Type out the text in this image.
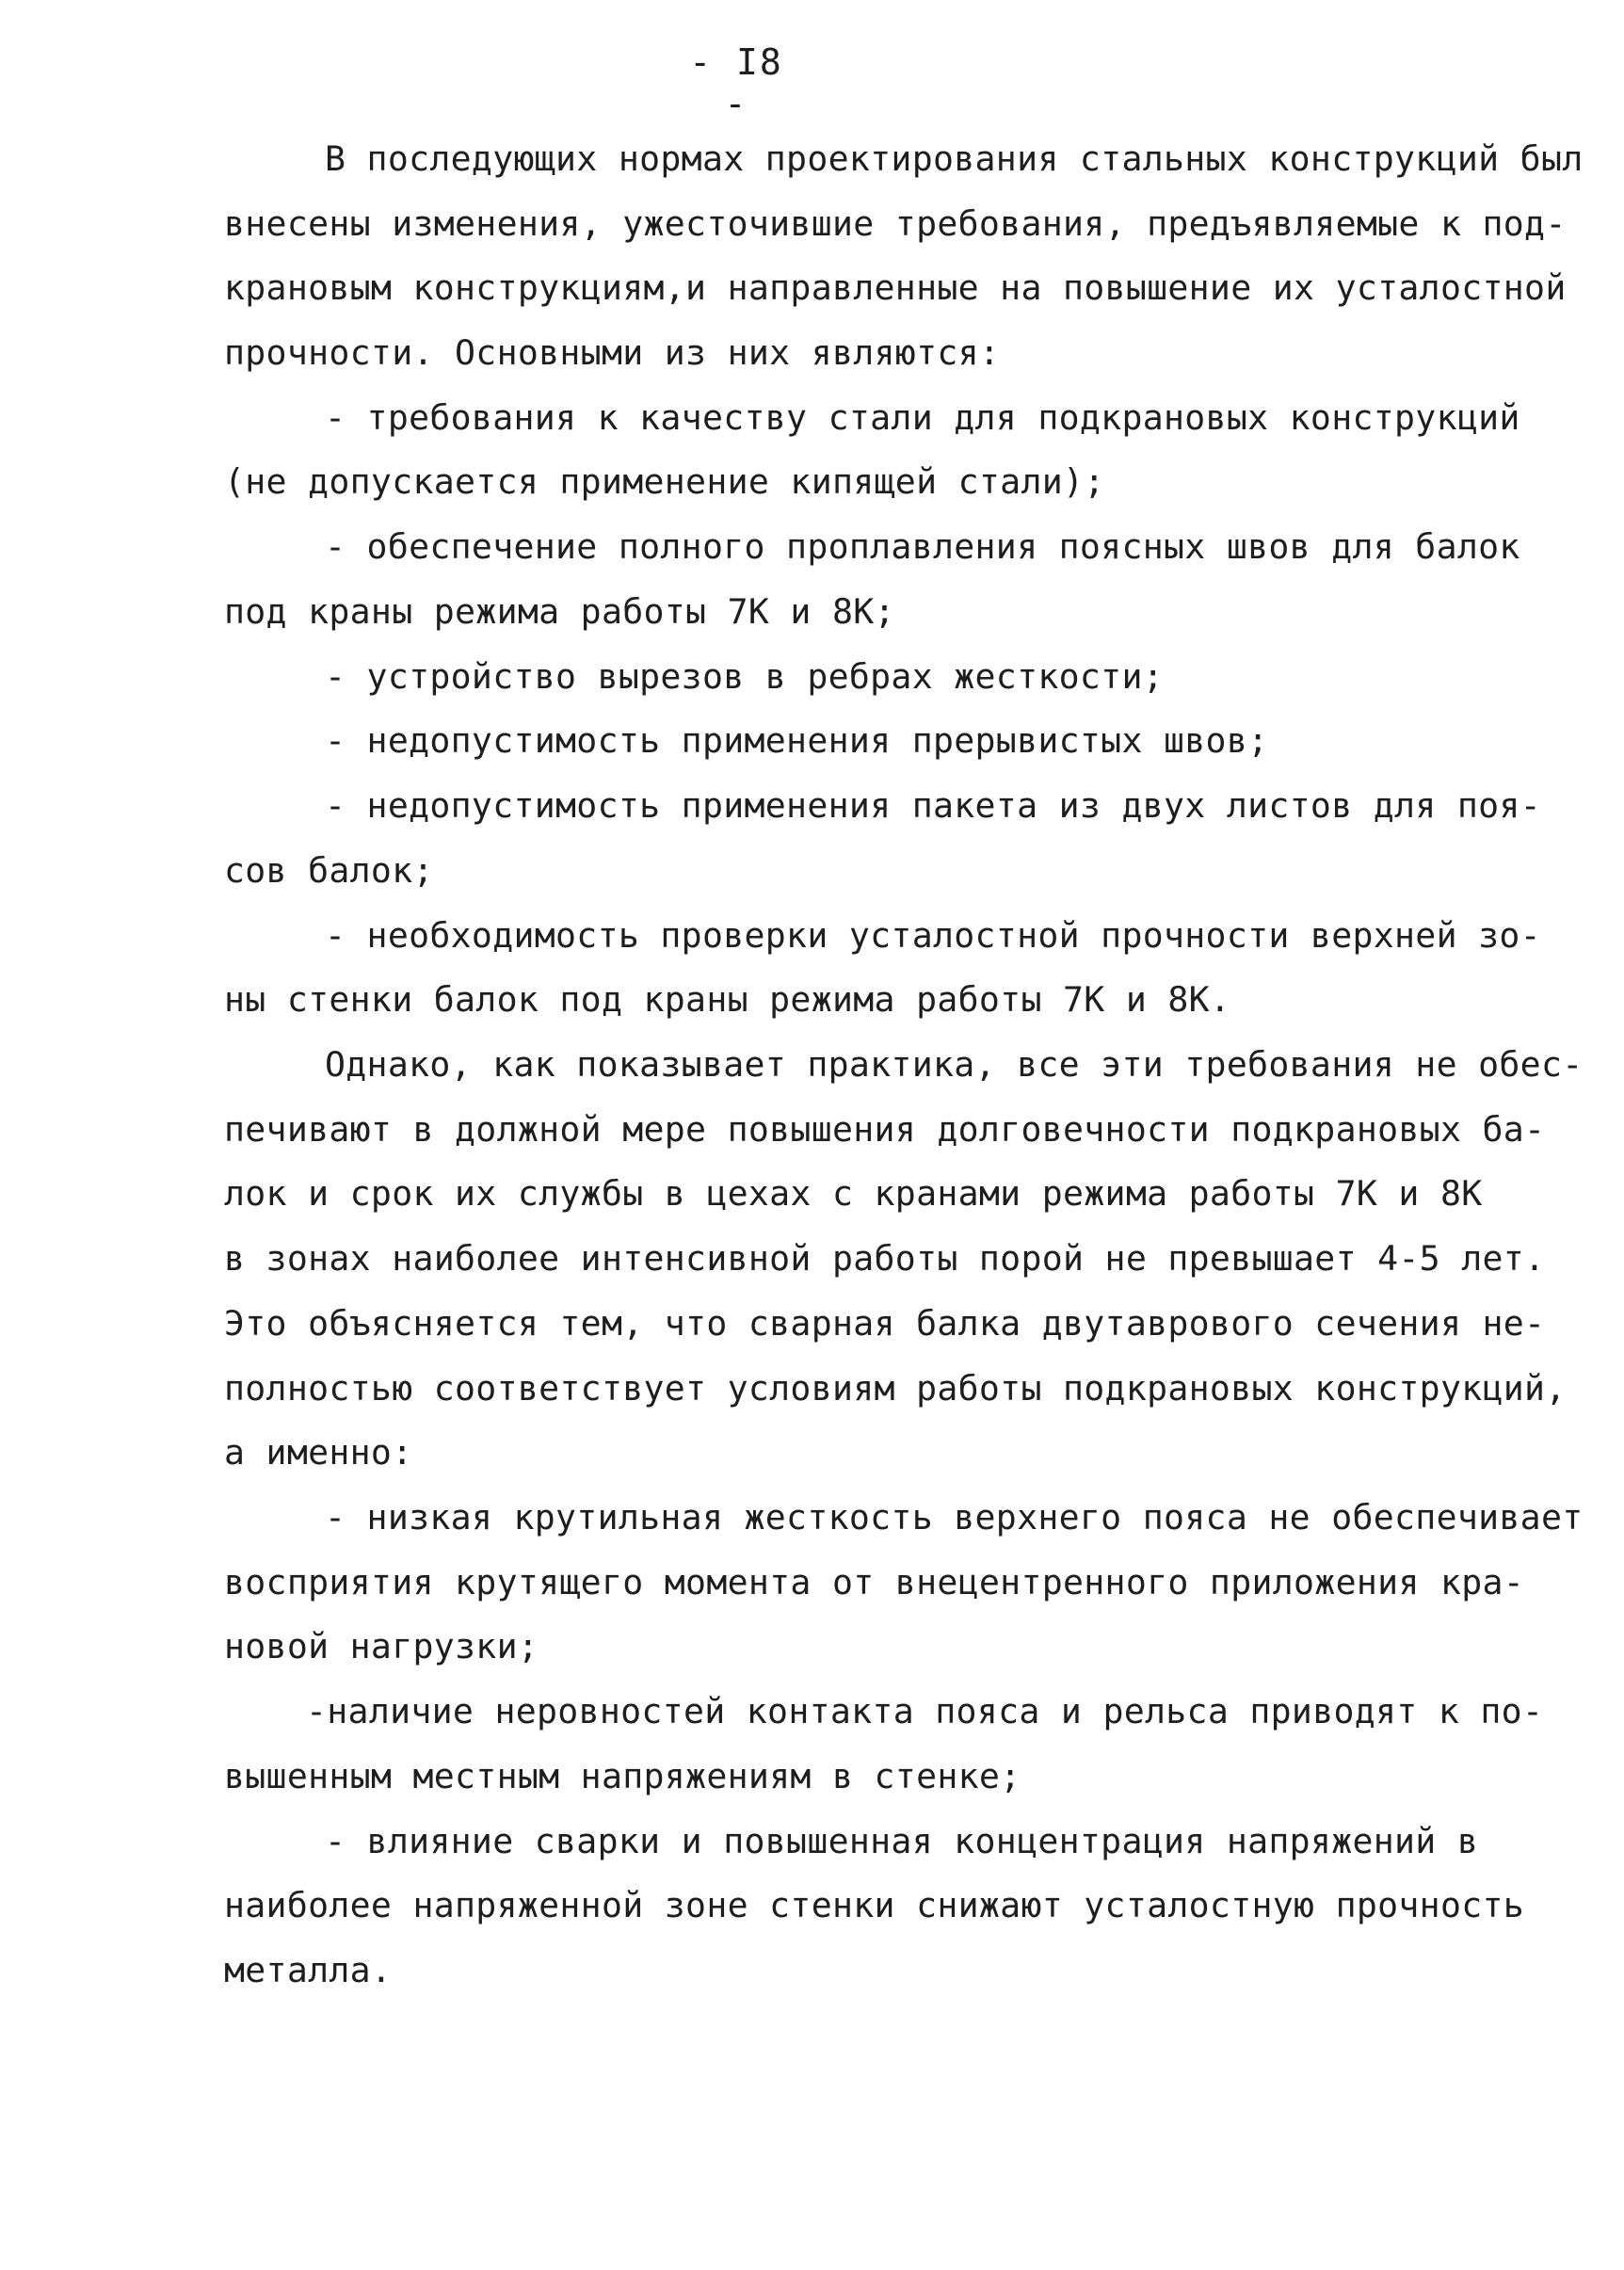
- I8 -
В последующих нормах проектирования стальных конструкций был
внесены изменения, ужесточившие требования, предъявляемые к под-
крановым конструкциям,и направленные на повышение их усталостной
прочности. Основными из них являются:
- требования к качеству стали для подкрановых конструкций
(не допускается применение кипящей стали);
- обеспечение полного проплавления поясных швов для балок
под краны режима работы 7К и 8К;
- устройство вырезов в ребрах жесткости;
- недопустимость применения прерывистых швов;
- недопустимость применения пакета из двух листов для поя-
сов балок;
- необходимость проверки усталостной прочности верхней зо-
ны стенки балок под краны режима работы 7К и 8К.
Однако, как показывает практика, все эти требования не обес-
печивают в должной мере повышения долговечности подкрановых ба-
лок и срок их службы в цехах с кранами режима работы 7К и 8К
в зонах наиболее интенсивной работы порой не превышает 4-5 лет.
Это объясняется тем, что сварная балка двутаврового сечения не-
полностью соответствует условиям работы подкрановых конструкций,
а именно:
- низкая крутильная жесткость верхнего пояса не обеспечивает
восприятия крутящего момента от внецентренного приложения кра-
новой нагрузки;
-наличие неровностей контакта пояса и рельса приводят к по-
вышенным местным напряжениям в стенке;
- влияние сварки и повышенная концентрация напряжений в
наиболее напряженной зоне стенки снижают усталостную прочность
металла.
